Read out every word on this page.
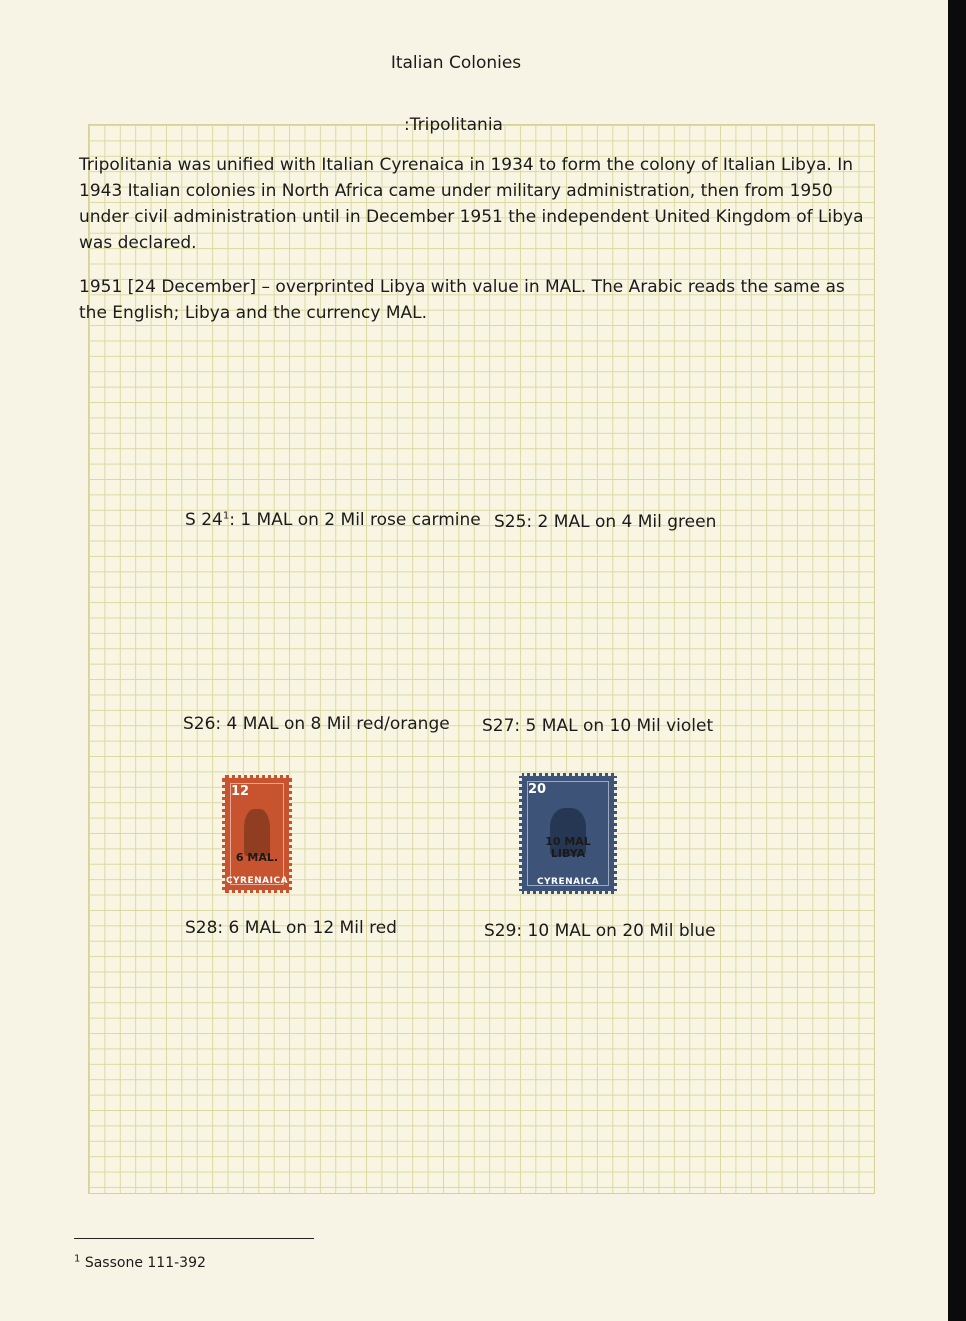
Italian Colonies
:Tripolitania
Tripolitania was unified with Italian Cyrenaica in 1934 to form the colony of Italian Libya. In 1943 Italian colonies in North Africa came under military administration, then from 1950 under civil administration until in December 1951 the independent United Kingdom of Libya was declared.
1951 [24 December] – overprinted Libya with value in MAL. The Arabic reads the same as the English; Libya and the currency MAL.
S $24^1$: 1 MAL on 2 Mil rose carmine S25: 2 MAL on 4 Mil green
S26: 4 MAL on 8 Mil red/orange S27: 5 MAL on 10 Mil violet
12
6 MAL.
CYRENAICA
20
10 MAL
LIBYA
CYRENAICA
S28: 6 MAL on 12 Mil red	S29: 10 MAL on 20 Mil blue
$^1$ Sassone 111-392
